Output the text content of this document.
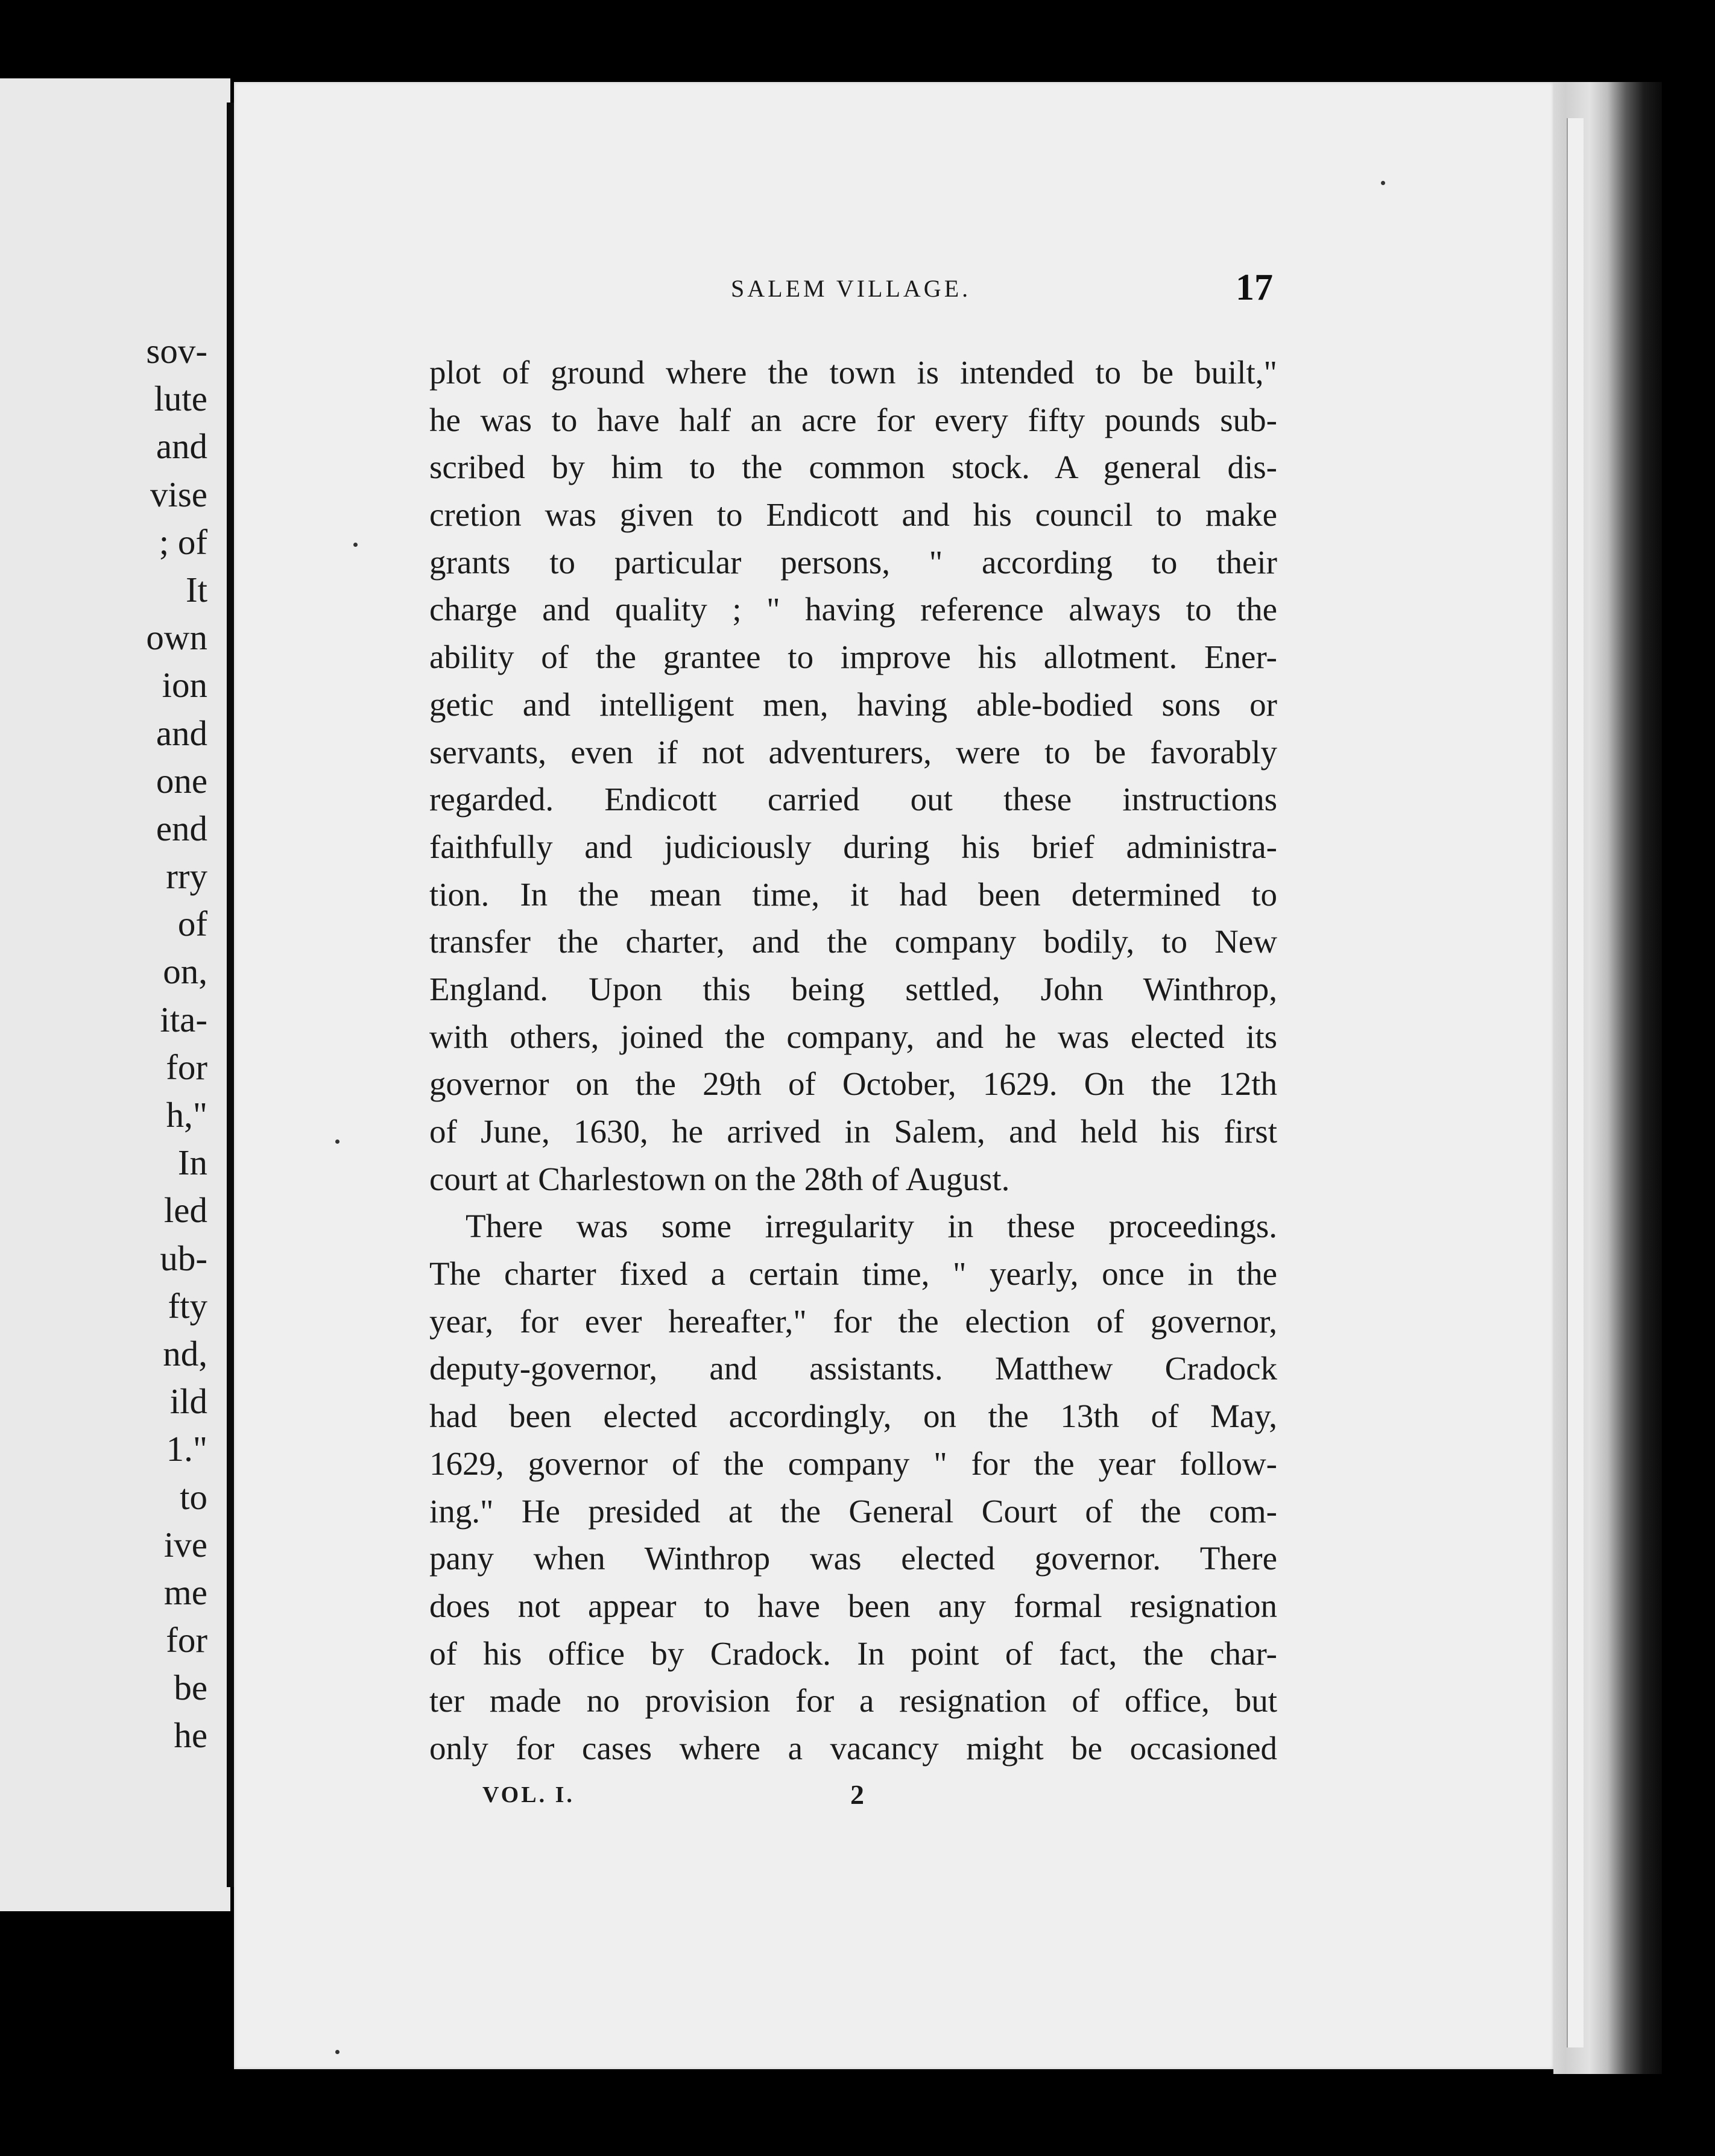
sov-
lute
and
vise
; of
It
own
ion
and
one
end
rry
of
on,
ita-
for
h,"
In
led
ub-
fty
nd,
ild
1."
to
ive
me
for
be
he
SALEM VILLAGE.	17
plot of ground where the town is intended to be built,"
he was to have half an acre for every fifty pounds sub-
scribed by him to the common stock. A general dis-
cretion was given to Endicott and his council to make
grants to particular persons, " according to their
charge and quality ; " having reference always to the
ability of the grantee to improve his allotment. Ener-
getic and intelligent men, having able-bodied sons or
servants, even if not adventurers, were to be favorably
regarded. Endicott carried out these instructions
faithfully and judiciously during his brief administra-
tion. In the mean time, it had been determined to
transfer the charter, and the company bodily, to New
England. Upon this being settled, John Winthrop,
with others, joined the company, and he was elected its
governor on the 29th of October, 1629. On the 12th
of June, 1630, he arrived in Salem, and held his first
court at Charlestown on the 28th of August.
There was some irregularity in these proceedings.
The charter fixed a certain time, " yearly, once in the
year, for ever hereafter," for the election of governor,
deputy-governor, and assistants. Matthew Cradock
had been elected accordingly, on the 13th of May,
1629, governor of the company " for the year follow-
ing." He presided at the General Court of the com-
pany when Winthrop was elected governor. There
does not appear to have been any formal resignation
of his office by Cradock. In point of fact, the char-
ter made no provision for a resignation of office, but
only for cases where a vacancy might be occasioned
VOL. I.	2
